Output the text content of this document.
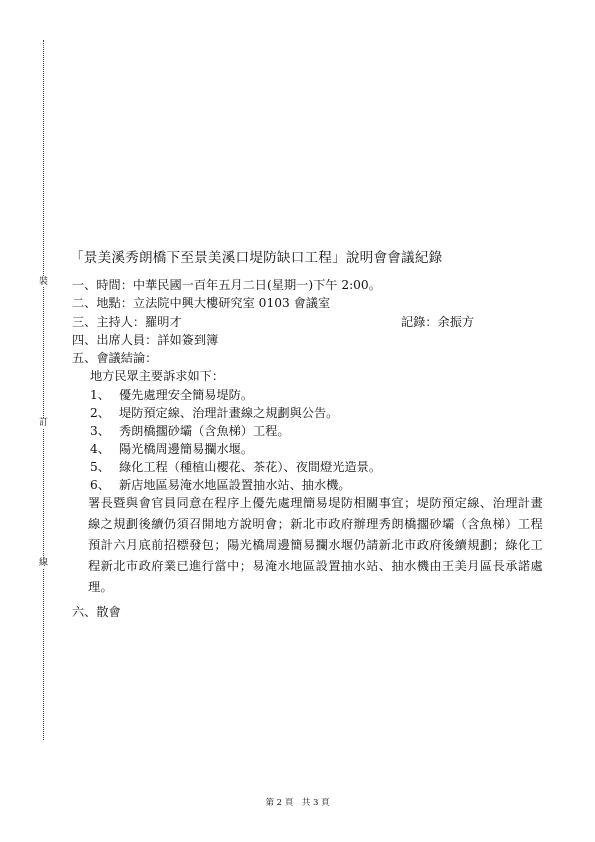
裝
訂
線
「景美溪秀朗橋下至景美溪口堤防缺口工程」說明會會議紀錄
一、時間：中華民國一百年五月二日(星期一)下午 2:00。
二、地點：立法院中興大樓研究室 0103 會議室
三、主持人：羅明才	記錄：余振方
四、出席人員：詳如簽到簿
五、會議結論：
地方民眾主要訴求如下：
1、 優先處理安全簡易堤防。
2、 堤防預定線、治理計畫線之規劃與公告。
3、 秀朗橋擱砂壩（含魚梯）工程。
4、 陽光橋周邊簡易攔水堰。
5、 綠化工程（種植山櫻花、茶花）、夜間燈光造景。
6、 新店地區易淹水地區設置抽水站、抽水機。
署長暨與會官員同意在程序上優先處理簡易堤防相關事宜；堤防預定線、治理計畫線之規劃後續仍須召開地方說明會；新北市政府辦理秀朗橋擱砂壩（含魚梯）工程預計六月底前招標發包；陽光橋周邊簡易攔水堰仍請新北市政府後續規劃；綠化工程新北市政府業已進行當中；易淹水地區設置抽水站、抽水機由王美月區長承諾處理。
六、散會
第 2 頁　共 3 頁
